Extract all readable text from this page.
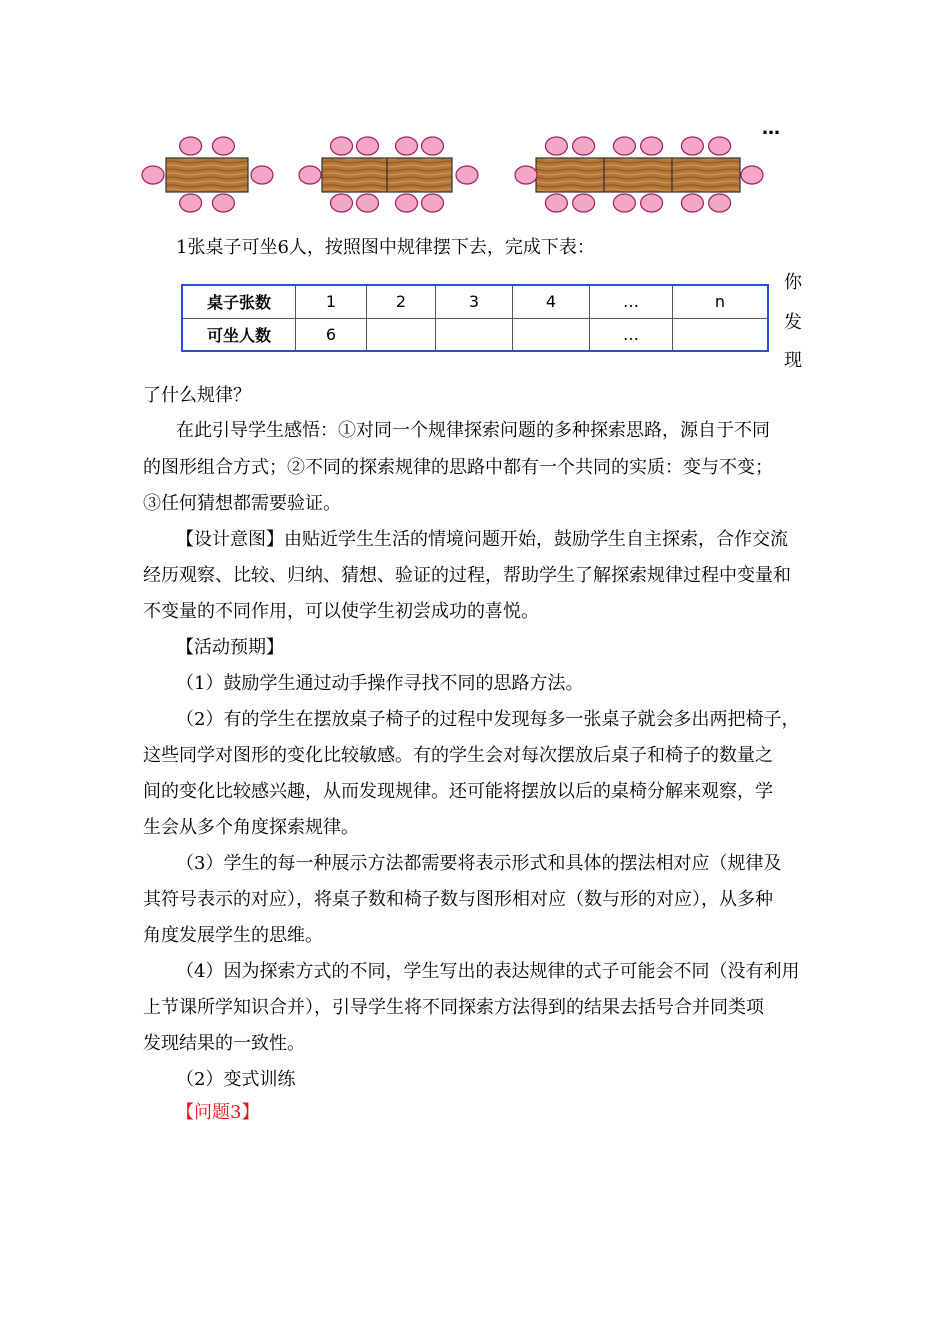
…
1张桌子可坐6人，按照图中规律摆下去，完成下表：
桌子张数	1	2	3	4	…	n
可坐人数	6				…	
你
发
现
了什么规律？
在此引导学生感悟：①对同一个规律探索问题的多种探索思路，源自于不同
的图形组合方式；②不同的探索规律的思路中都有一个共同的实质：变与不变；
③任何猜想都需要验证。
【设计意图】由贴近学生生活的情境问题开始，鼓励学生自主探索，合作交流
经历观察、比较、归纳、猜想、验证的过程，帮助学生了解探索规律过程中变量和
不变量的不同作用，可以使学生初尝成功的喜悦。
【活动预期】
（1）鼓励学生通过动手操作寻找不同的思路方法。
（2）有的学生在摆放桌子椅子的过程中发现每多一张桌子就会多出两把椅子，
这些同学对图形的变化比较敏感。有的学生会对每次摆放后桌子和椅子的数量之
间的变化比较感兴趣，从而发现规律。还可能将摆放以后的桌椅分解来观察，学
生会从多个角度探索规律。
（3）学生的每一种展示方法都需要将表示形式和具体的摆法相对应（规律及
其符号表示的对应），将桌子数和椅子数与图形相对应（数与形的对应），从多种
角度发展学生的思维。
（4）因为探索方式的不同，学生写出的表达规律的式子可能会不同（没有利用
上节课所学知识合并），引导学生将不同探索方法得到的结果去括号合并同类项
发现结果的一致性。
（2）变式训练
【问题3】
